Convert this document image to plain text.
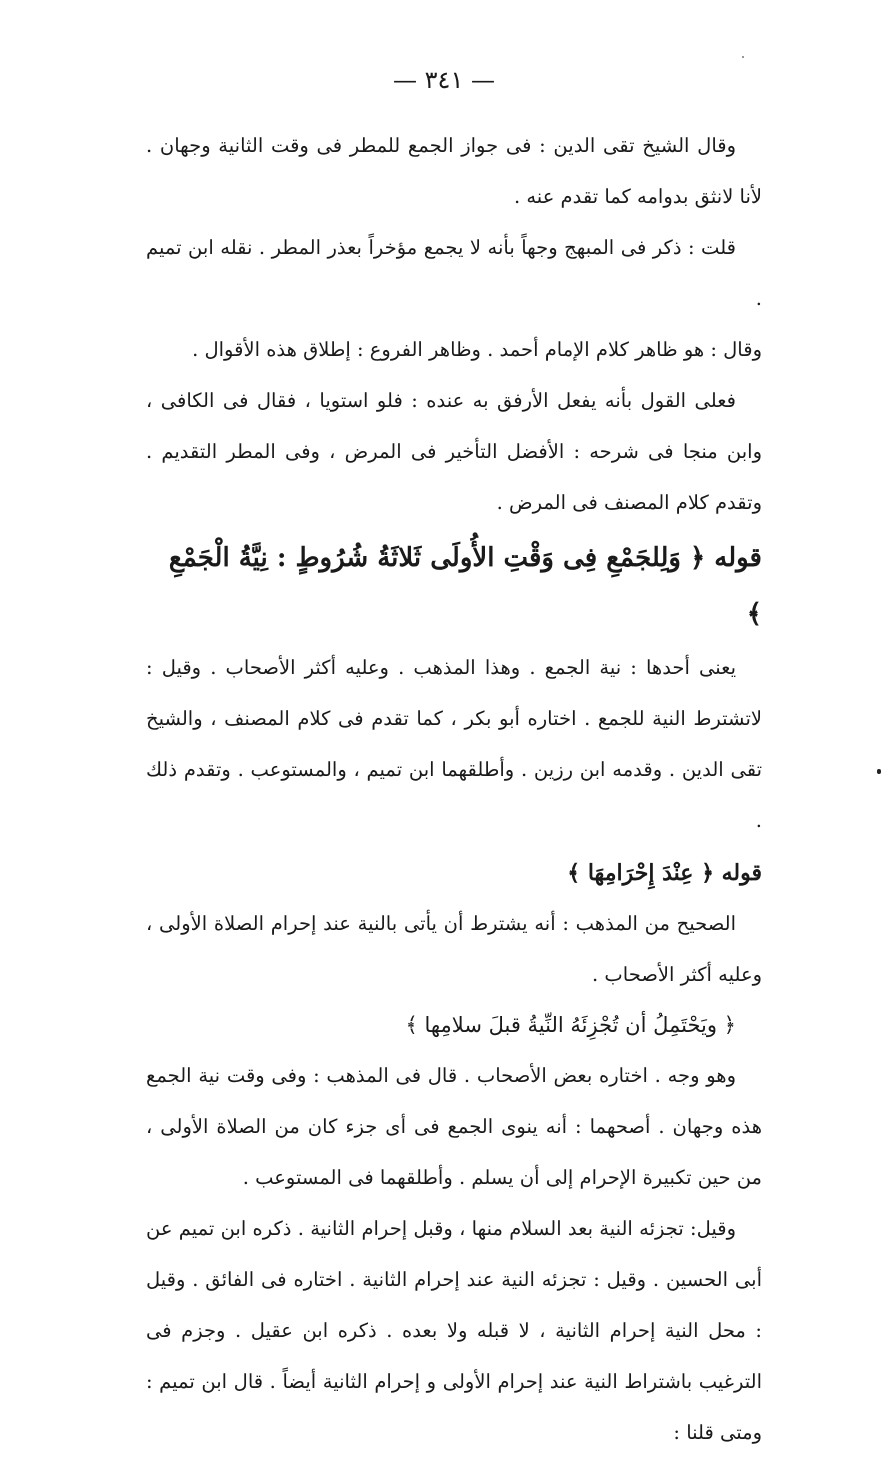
— ٣٤١ —

وقال الشيخ تقى الدين : فى جواز الجمع للمطر فى وقت الثانية وجهان . لأنا لانثق بدوامه كما تقدم عنه .

قلت : ذكر فى المبهج وجهاً بأنه لا يجمع مؤخراً بعذر المطر . نقله ابن تميم .

وقال : هو ظاهر كلام الإمام أحمد . وظاهر الفروع : إطلاق هذه الأقوال .

فعلى القول بأنه يفعل الأرفق به عنده : فلو استويا ، فقال فى الكافى ، وابن منجا فى شرحه : الأفضل التأخير فى المرض ، وفى المطر التقديم . وتقدم كلام المصنف فى المرض .

قوله ﴿ وَلِلجَمْعِ فِى وَقْتِ الأُولَى ثَلاثَةُ شُرُوطٍ : نِيَّةُ الْجَمْعِ ﴾

يعنى أحدها : نية الجمع . وهذا المذهب . وعليه أكثر الأصحاب . وقيل : لاتشترط النية للجمع . اختاره أبو بكر ، كما تقدم فى كلام المصنف ، والشيخ تقى الدين . وقدمه ابن رزين . وأطلقهما ابن تميم ، والمستوعب . وتقدم ذلك .

قوله ﴿ عِنْدَ إِحْرَامِهَا ﴾

الصحيح من المذهب : أنه يشترط أن يأتى بالنية عند إحرام الصلاة الأولى ، وعليه أكثر الأصحاب .

﴿ ويَحْتَمِلُ أن تُجْزِئَهُ النِّيةُ قبلَ سلامِها ﴾

وهو وجه . اختاره بعض الأصحاب . قال فى المذهب : وفى وقت نية الجمع هذه وجهان . أصحهما : أنه ينوى الجمع فى أى جزء كان من الصلاة الأولى ، من حين تكبيرة الإحرام إلى أن يسلم . وأطلقهما فى المستوعب .

وقيل: تجزئه النية بعد السلام منها ، وقبل إحرام الثانية . ذكره ابن تميم عن أبى الحسين . وقيل : تجزئه النية عند إحرام الثانية . اختاره فى الفائق . وقيل : محل النية إحرام الثانية ، لا قبله ولا بعده . ذكره ابن عقيل . وجزم فى الترغيب باشتراط النية عند إحرام الأولى و إحرام الثانية أيضاً . قال ابن تميم : ومتى قلنا :
